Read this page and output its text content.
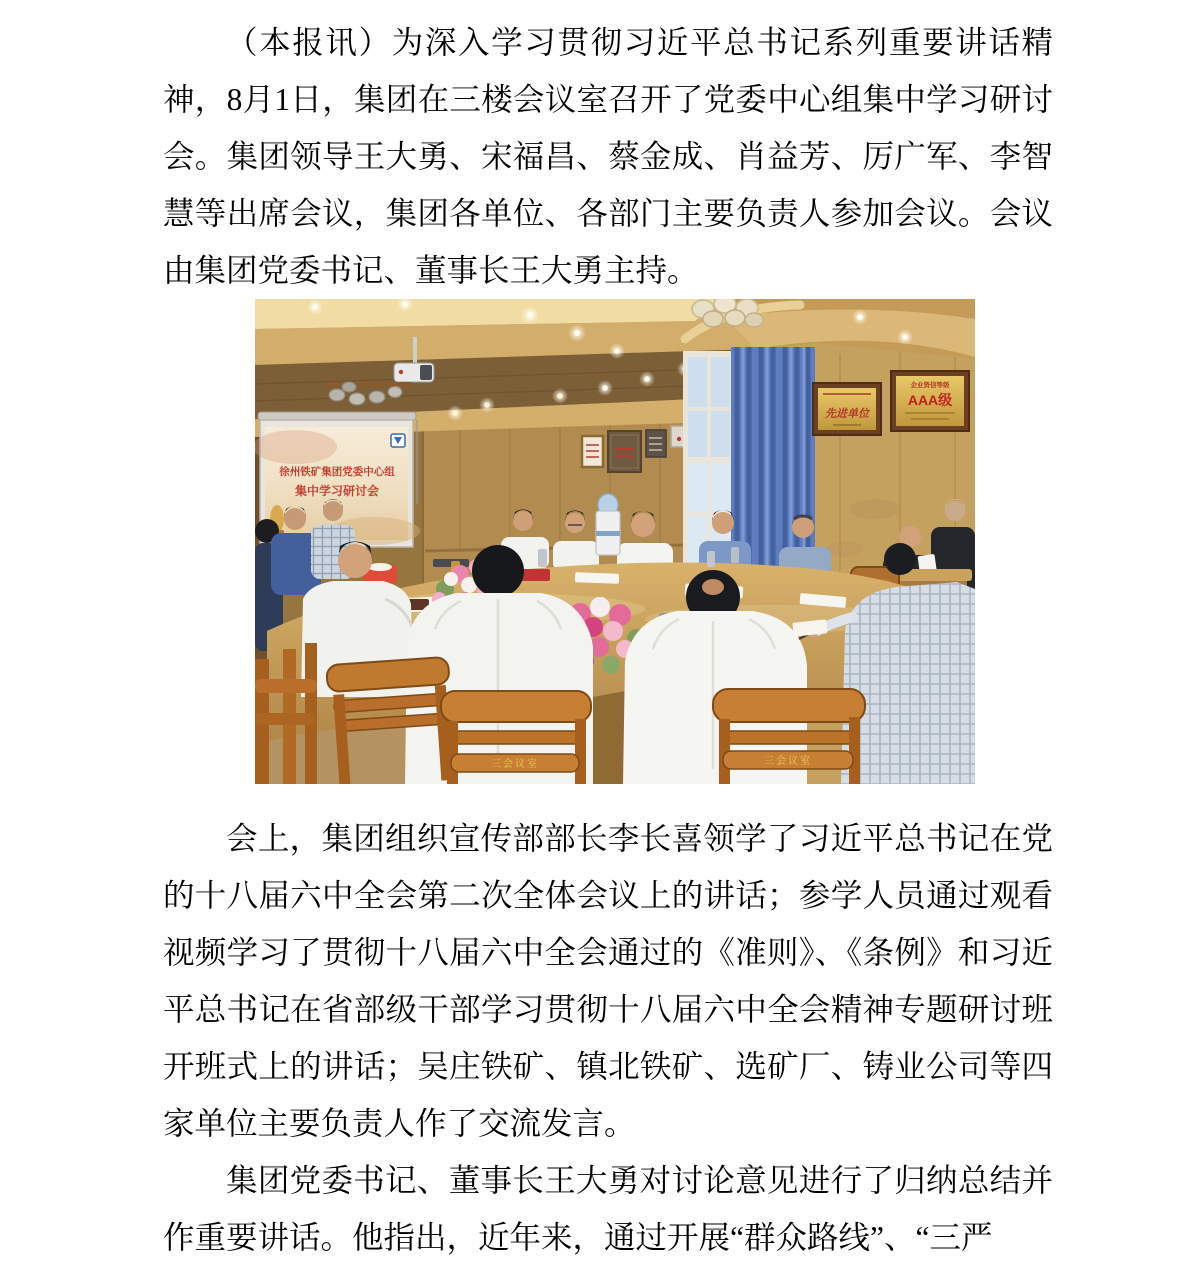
（本报讯）为深入学习贯彻习近平总书记系列重要讲话精神，8月1日，集团在三楼会议室召开了党委中心组集中学习研讨会。集团领导王大勇、宋福昌、蔡金成、肖益芳、厉广军、李智慧等出席会议，集团各单位、各部门主要负责人参加会议。会议由集团党委书记、董事长王大勇主持。

徐州铁矿集团党委中心组
集中学习研讨会
先进单位
企业资信等级
AAA级
三会议室	三会议室

会上，集团组织宣传部部长李长喜领学了习近平总书记在党的十八届六中全会第二次全体会议上的讲话；参学人员通过观看视频学习了贯彻十八届六中全会通过的《准则》、《条例》和习近平总书记在省部级干部学习贯彻十八届六中全会精神专题研讨班开班式上的讲话；吴庄铁矿、镇北铁矿、选矿厂、铸业公司等四家单位主要负责人作了交流发言。

集团党委书记、董事长王大勇对讨论意见进行了归纳总结并作重要讲话。他指出，近年来，通过开展“群众路线”、“三严
